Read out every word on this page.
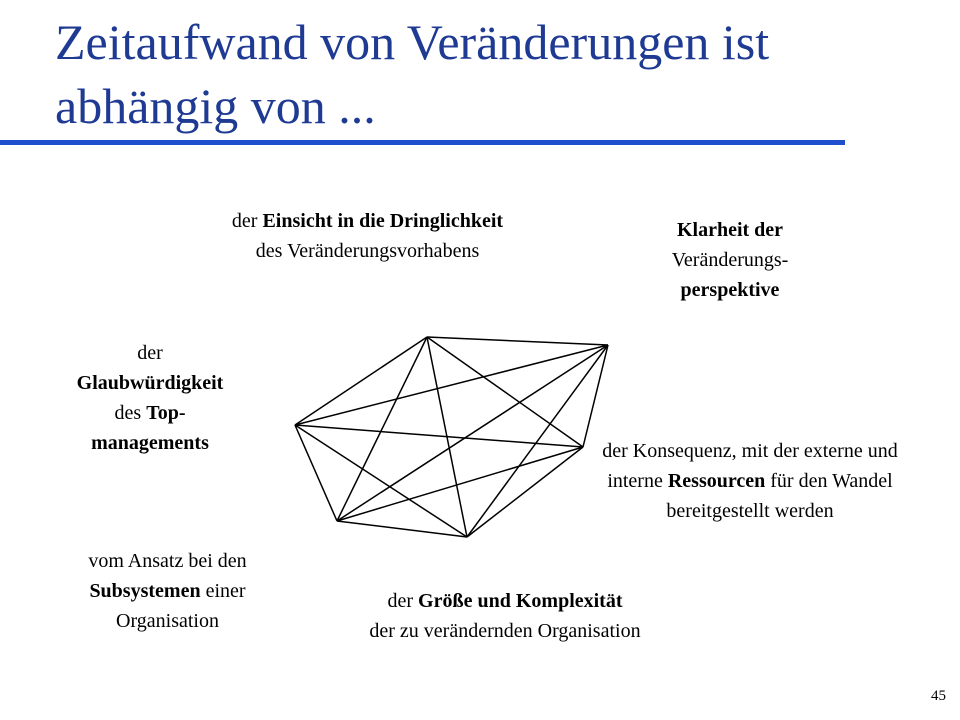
Zeitaufwand von Veränderungen ist
abhängig von ...
der Einsicht in die Dringlichkeit des Veränderungsvorhabens
Klarheit der
Veränderungs-
perspektive
der
Glaubwürdigkeit
des Top-
managements	der Konsequenz, mit der externe und interne Ressourcen für den Wandel bereitgestellt werden
vom Ansatz bei den Subsystemen einer Organisation
der Größe und Komplexität
der zu verändernden Organisation
45
